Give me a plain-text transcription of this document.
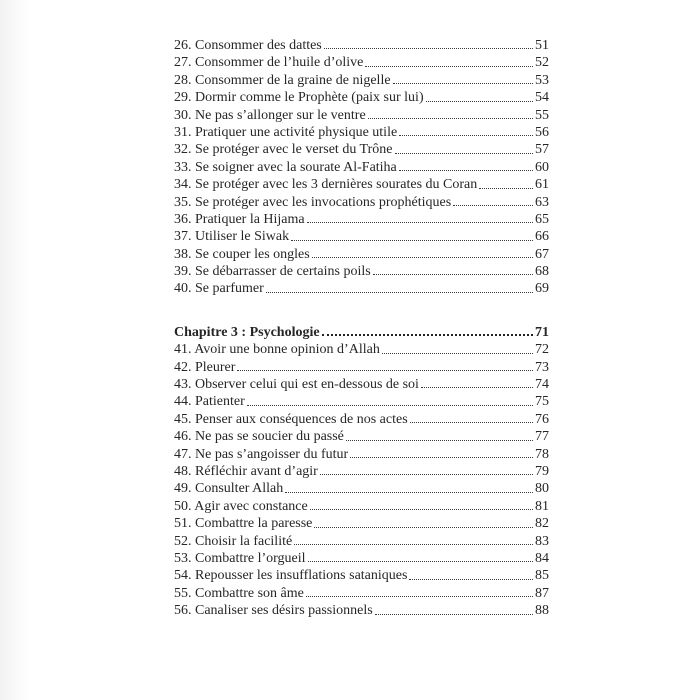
26. Consommer des dattes	51
27. Consommer de l’huile d’olive	52
28. Consommer de la graine de nigelle	53
29. Dormir comme le Prophète (paix sur lui)	54
30. Ne pas s’allonger sur le ventre	55
31. Pratiquer une activité physique utile	56
32. Se protéger avec le verset du Trône	57
33. Se soigner avec la sourate Al-Fatiha	60
34. Se protéger avec les 3 dernières sourates du Coran	61
35. Se protéger avec les invocations prophétiques	63
36. Pratiquer la Hijama	65
37. Utiliser le Siwak	66
38. Se couper les ongles	67
39. Se débarrasser de certains poils	68
40. Se parfumer	69
Chapitre 3 : Psychologie	71
41. Avoir une bonne opinion d’Allah	72
42. Pleurer	73
43. Observer celui qui est en-dessous de soi	74
44. Patienter	75
45. Penser aux conséquences de nos actes	76
46. Ne pas se soucier du passé	77
47. Ne pas s’angoisser du futur	78
48. Réfléchir avant d’agir	79
49. Consulter Allah	80
50. Agir avec constance	81
51. Combattre la paresse	82
52. Choisir la facilité	83
53. Combattre l’orgueil	84
54. Repousser les insufflations sataniques	85
55. Combattre son âme	87
56. Canaliser ses désirs passionnels	88
